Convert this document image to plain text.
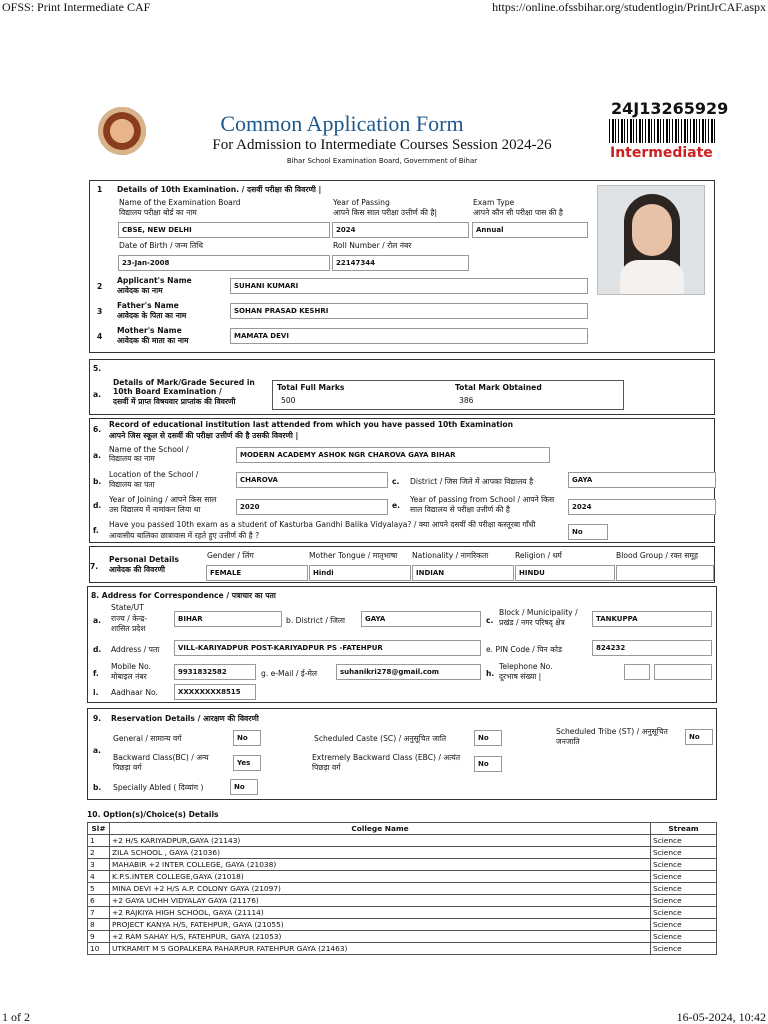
OFSS: Print Intermediate CAF	https://online.ofssbihar.org/studentlogin/PrintJrCAF.aspx
1 of 2	16-05-2024, 10:42
Common Application Form
For Admission to Intermediate Courses Session 2024-26
Bihar School Examination Board, Government of Bihar
24J13265929
Intermediate
1 Details of 10th Examination. / दसवीं परीक्षा की विवरणी |
Name of the Examination Board
विद्यालय परीक्षा बोर्ड का नाम
CBSE, NEW DELHI
Year of Passing
आपने किस साल परीक्षा उत्तीर्ण की है|
2024
Exam Type
आपने कौन सी परीक्षा पास की है
Annual
Date of Birth / जन्म तिथि
23-Jan-2008
Roll Number / रोल नंबर
22147344
2
Applicant's Name
आवेदक का नाम	SUHANI KUMARI
3
Father's Name
आवेदक के पिता का नाम	SOHAN PRASAD KESHRI
4
Mother's Name
आवेदक की माता का नाम	MAMATA DEVI
5.
a.
Details of Mark/Grade Secured in 10th Board Examination /
दसवीं में प्राप्त विषयवार प्राप्तांक की विवरणी
Total Full Marks
500
Total Mark Obtained
386
6.
Record of educational institution last attended from which you have passed 10th Examination
आपने जिस स्कूल से दसवीं की परीक्षा उत्तीर्ण की है उसकी विवरणी |
a.
Name of the School /
विद्यालय का नाम	MODERN ACADEMY ASHOK NGR CHAROVA GAYA BIHAR
b.
Location of the School /
विद्यालय का पता	CHAROVA	c. District / जिस जिले में आपका विद्यालय है	GAYA
d.
Year of Joining / आपने किस साल
उस विद्यालय में नामांकन लिया था	2020	e.
Year of passing from School / आपने किस
साल विद्यालय से परीक्षा उत्तीर्ण की है	2024
f.
Have you passed 10th exam as a student of Kasturba Gandhi Balika Vidyalaya? / क्या आपने दसवीं की परीक्षा कस्तूरबा गाँधी
आवासीय बालिका छात्रावास में रहते हुए उत्तीर्ण की है ?	No
7.
Personal Details
आवेदक की विवरणी
Gender / लिंग
FEMALE
Mother Tongue / मातृभाषा
Hindi
Nationality / नागरिकता
INDIAN
Religion / धर्म
HINDU
Blood Group / रक्त समूह
8. Address for Correspondence / पत्राचार का पता
a.
State/UT
राज्य / केन्द्र-
शासित प्रदेश
BIHAR	b. District / जिला	GAYA	c.
Block / Municipality /
प्रखंड / नगर परिषद् क्षेत्र	TANKUPPA
d. Address / पता	VILL-KARIYADPUR POST-KARIYADPUR PS -FATEHPUR	e. PIN Code / पिन कोड	824232
f.
Mobile No.
मोबाइल नंबर	9931832582	g. e-Mail / ई-मेल	suhanikri278@gmail.com	h.
Telephone No.
दूरभाष संख्या |
i. Aadhaar No.	XXXXXXXX8515
9. Reservation Details / आरक्षण की विवरणी
a.
General / सामान्य वर्ग	No	Scheduled Caste (SC) / अनुसूचित जाति	No
Scheduled Tribe (ST) / अनुसूचित
जनजाति	No
Backward Class(BC) / अन्य
पिछड़ा वर्ग	Yes
Extremely Backward Class (EBC) / अत्यंत
पिछड़ा वर्ग	No
b. Specially Abled ( दिव्यांग )	No
10. Option(s)/Choice(s) Details
Sl#	College Name	Stream
1	+2 H/S KARIYADPUR,GAYA (21143)	Science
2	ZILA SCHOOL , GAYA (21036)	Science
3	MAHABIR +2 INTER COLLEGE, GAYA (21038)	Science
4	K.P.S.INTER COLLEGE,GAYA (21018)	Science
5	MINA DEVI +2 H/S A.P. COLONY GAYA (21097)	Science
6	+2 GAYA UCHH VIDYALAY GAYA (21176)	Science
7	+2 RAJKIYA HIGH SCHOOL, GAYA (21114)	Science
8	PROJECT KANYA H/S, FATEHPUR, GAYA (21055)	Science
9	+2 RAM SAHAY H/S, FATEHPUR, GAYA (21053)	Science
10	UTKRAMIT M S GOPALKERA PAHARPUR FATEHPUR GAYA (21463)	Science
